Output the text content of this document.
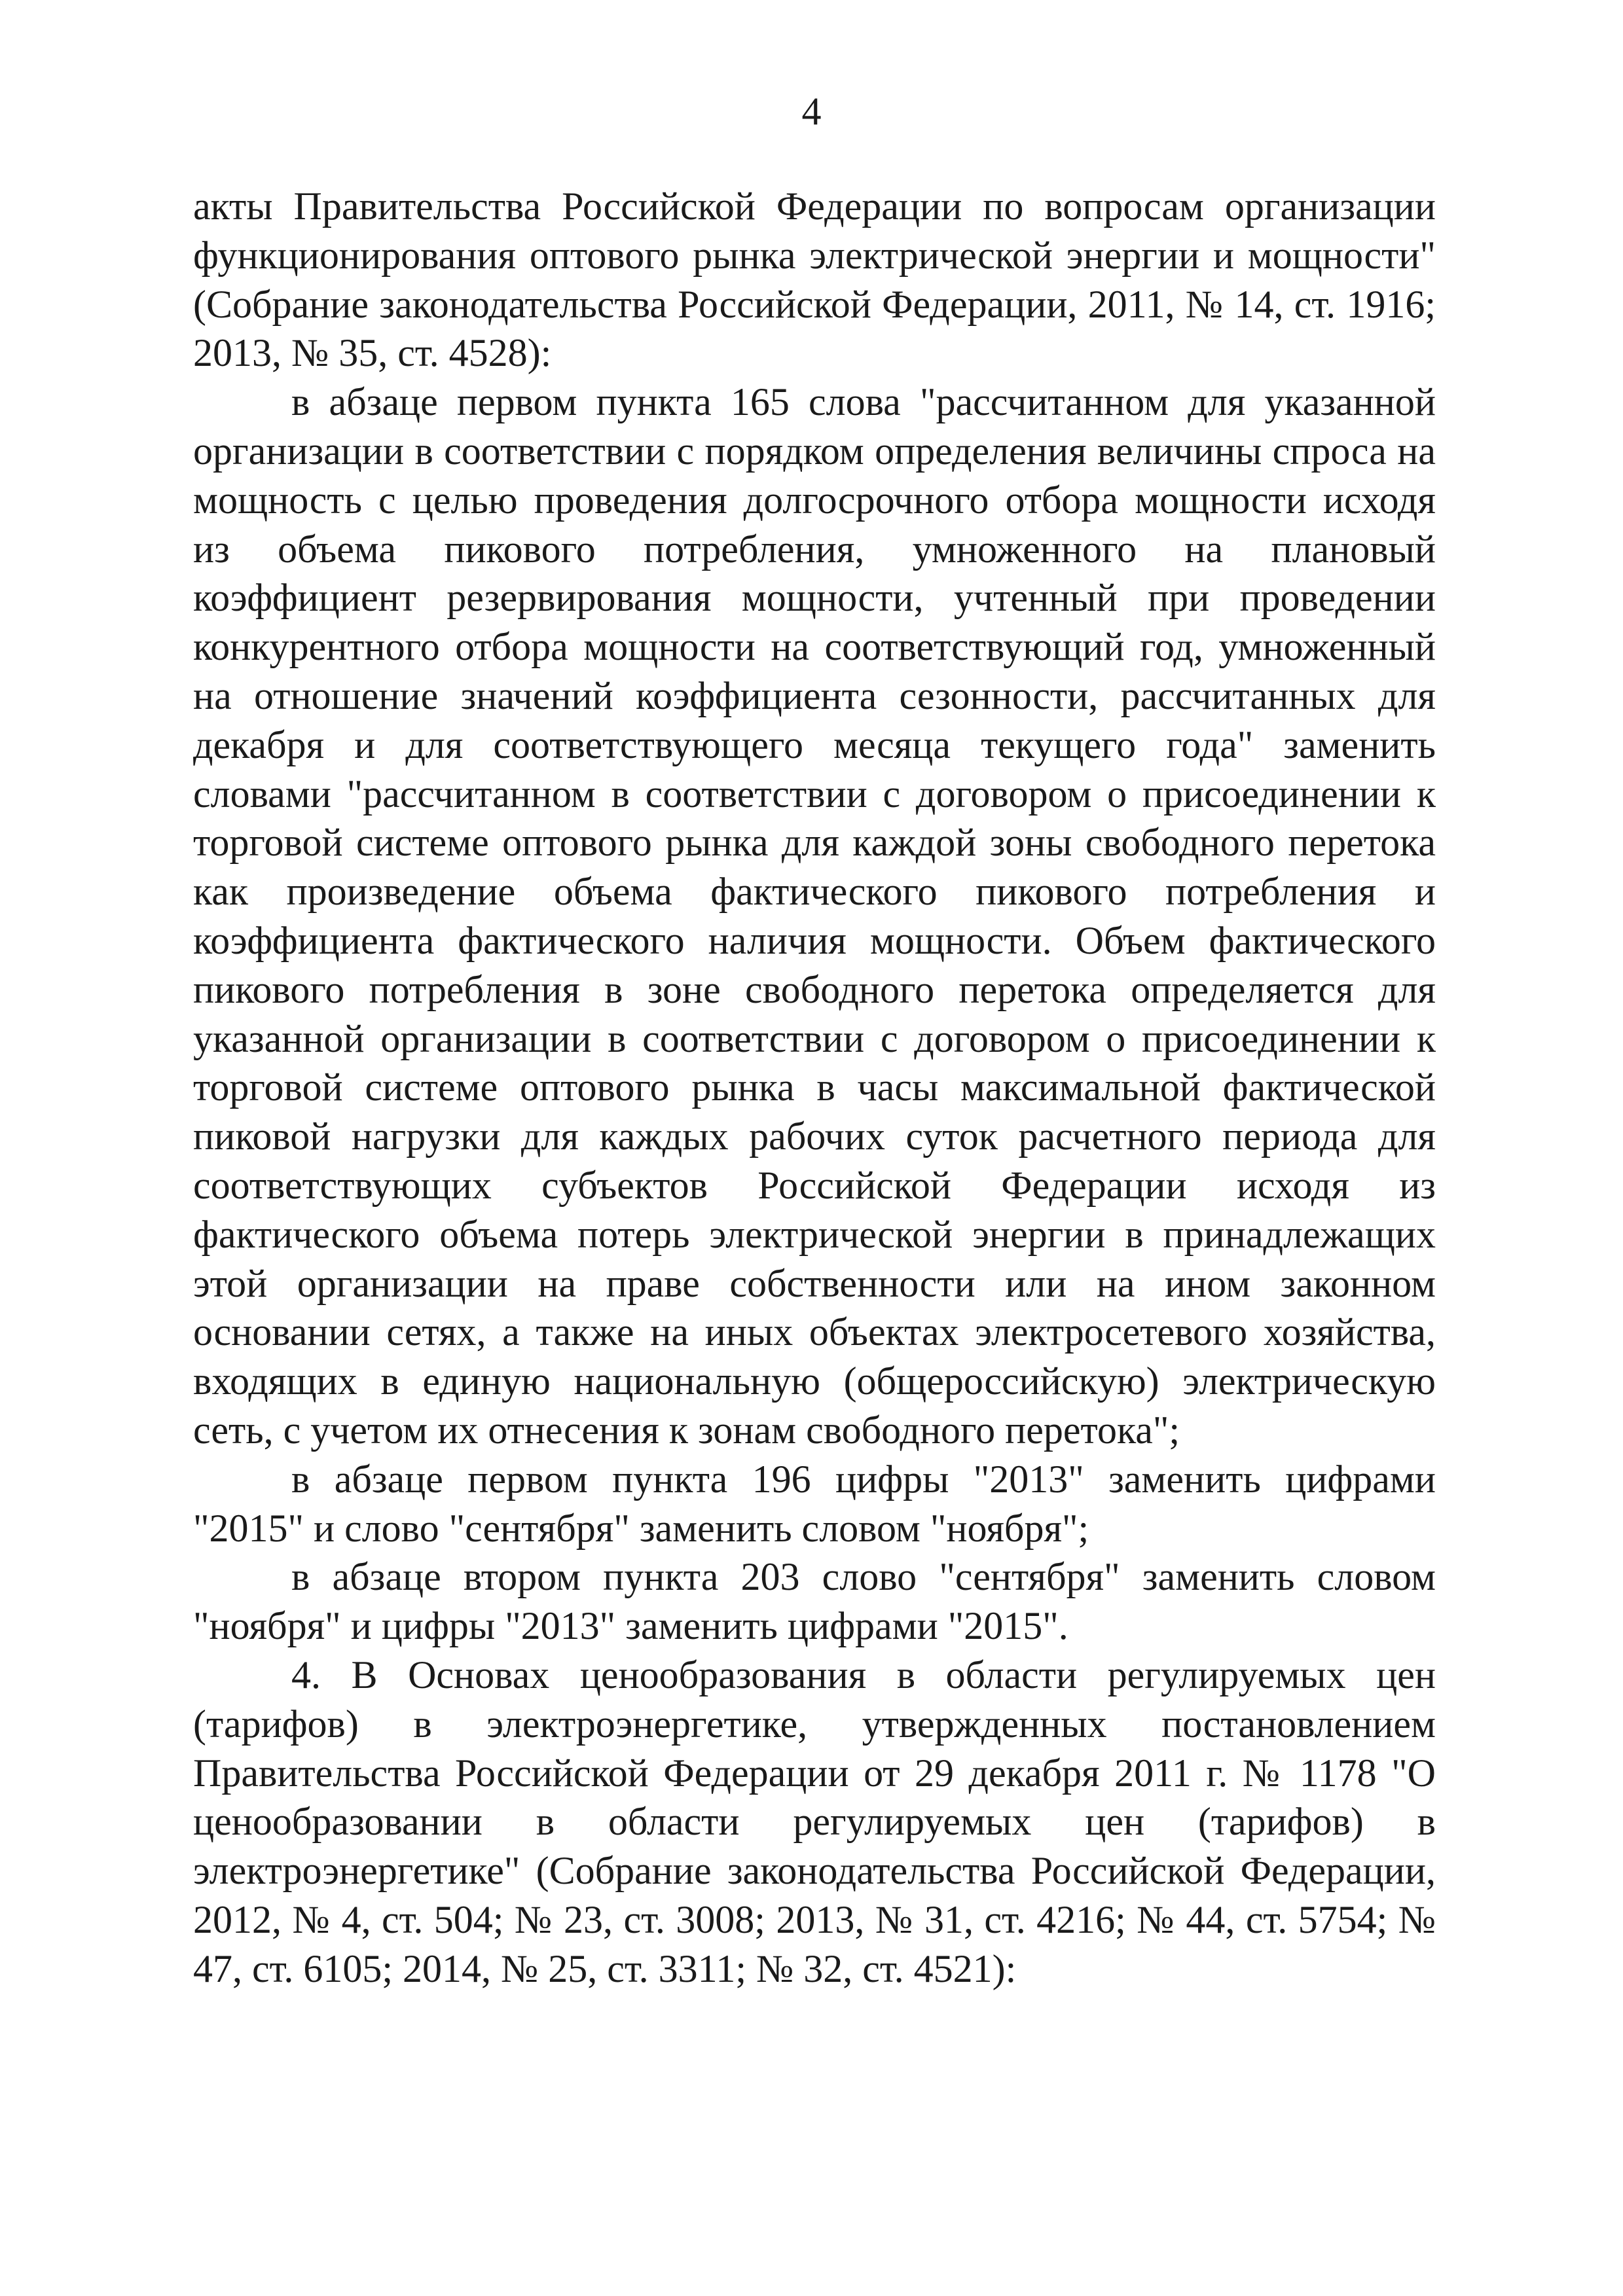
4

акты Правительства Российской Федерации по вопросам организации функционирования оптового рынка электрической энергии и мощности" (Собрание законодательства Российской Федерации, 2011, № 14, ст. 1916; 2013, № 35, ст. 4528):

в абзаце первом пункта 165 слова "рассчитанном для указанной организации в соответствии с порядком определения величины спроса на мощность с целью проведения долгосрочного отбора мощности исходя из объема пикового потребления, умноженного на плановый коэффициент резервирования мощности, учтенный при проведении конкурентного отбора мощности на соответствующий год, умноженный на отношение значений коэффициента сезонности, рассчитанных для декабря и для соответствующего месяца текущего года" заменить словами "рассчитанном в соответствии с договором о присоединении к торговой системе оптового рынка для каждой зоны свободного перетока как произведение объема фактического пикового потребления и коэффициента фактического наличия мощности. Объем фактического пикового потребления в зоне свободного перетока определяется для указанной организации в соответствии с договором о присоединении к торговой системе оптового рынка в часы максимальной фактической пиковой нагрузки для каждых рабочих суток расчетного периода для соответствующих субъектов Российской Федерации исходя из фактического объема потерь электрической энергии в принадлежащих этой организации на праве собственности или на ином законном основании сетях, а также на иных объектах электросетевого хозяйства, входящих в единую национальную (общероссийскую) электрическую сеть, с учетом их отнесения к зонам свободного перетока";

в абзаце первом пункта 196 цифры "2013" заменить цифрами "2015" и слово "сентября" заменить словом "ноября";

в абзаце втором пункта 203 слово "сентября" заменить словом "ноября" и цифры "2013" заменить цифрами "2015".

4. В Основах ценообразования в области регулируемых цен (тарифов) в электроэнергетике, утвержденных постановлением Правительства Российской Федерации от 29 декабря 2011 г. № 1178 "О ценообразовании в области регулируемых цен (тарифов) в электроэнергетике" (Собрание законодательства Российской Федерации, 2012, № 4, ст. 504; № 23, ст. 3008; 2013, № 31, ст. 4216; № 44, ст. 5754; № 47, ст. 6105; 2014, № 25, ст. 3311; № 32, ст. 4521):
